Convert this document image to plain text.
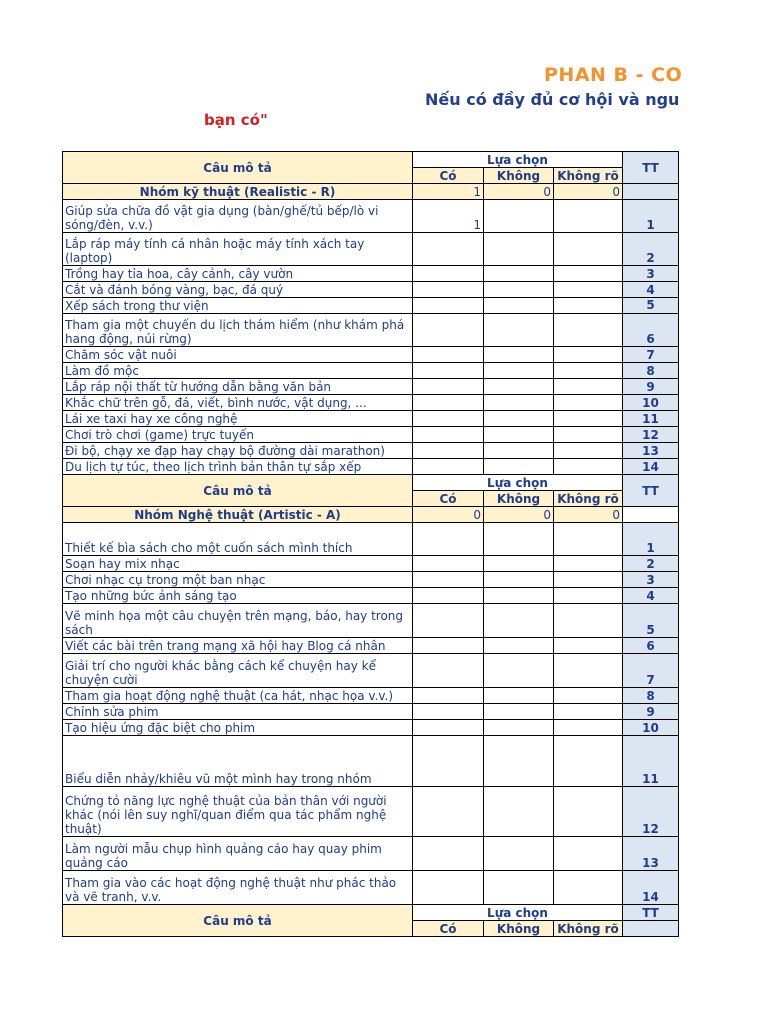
PHAN B - CO
Nếu có đầy đủ cơ hội và ngu
bạn có"
Câu mô tả	Lựa chọn			TT
	Có	Không	Không rõ	
Nhóm kỹ thuật (Realistic - R)	1	0	0	
Giúp sửa chữa đồ vật gia dụng (bàn/ghế/tủ bếp/lò vi sóng/đèn, v.v.)	1			1
Lắp ráp máy tính cá nhân hoặc máy tính xách tay (laptop)				2
Trồng hay tỉa hoa, cây cảnh, cây vườn				3
Cắt và đánh bóng vàng, bạc, đá quý				4
Xếp sách trong thư viện				5
Tham gia một chuyến du lịch thám hiểm (như khám phá hang động, núi rừng)				6
Chăm sóc vật nuôi				7
Làm đồ mộc				8
Lắp ráp nội thất từ hướng dẫn bằng văn bản				9
Khắc chữ trên gỗ, đá, viết, bình nước, vật dụng, ...				10
Lái xe taxi hay xe công nghệ				11
Chơi trò chơi (game) trực tuyến				12
Đi bộ, chạy xe đạp hay chạy bộ đường dài marathon)				13
Du lịch tự túc, theo lịch trình bản thân tự sắp xếp				14
Câu mô tả	Lựa chọn			TT
	Có	Không	Không rõ	
Nhóm Nghệ thuật (Artistic - A)	0	0	0	
Thiết kế bìa sách cho một cuốn sách mình thích				1
Soạn hay mix nhạc				2
Chơi nhạc cụ trong một ban nhạc				3
Tạo những bức ảnh sáng tạo				4
Vẽ minh họa một câu chuyện trên mạng, báo, hay trong sách				5
Viết các bài trên trang mạng xã hội hay Blog cá nhân				6
Giải trí cho người khác bằng cách kể chuyện hay kể chuyện cười				7
Tham gia hoạt động nghệ thuật (ca hát, nhạc họa v.v.)				8
Chỉnh sửa phim				9
Tạo hiệu ứng đặc biệt cho phim				10
Biểu diễn nhảy/khiêu vũ một mình hay trong nhóm				11
Chứng tỏ năng lực nghệ thuật của bản thân với người khác (nói lên suy nghĩ/quan điểm qua tác phẩm nghệ thuật)				12
Làm người mẫu chụp hình quảng cáo hay quay phim quảng cáo				13
Tham gia vào các hoạt động nghệ thuật như phác thảo và vẽ tranh, v.v.				14
Câu mô tả	Lựa chọn			TT
	Có	Không	Không rõ	
